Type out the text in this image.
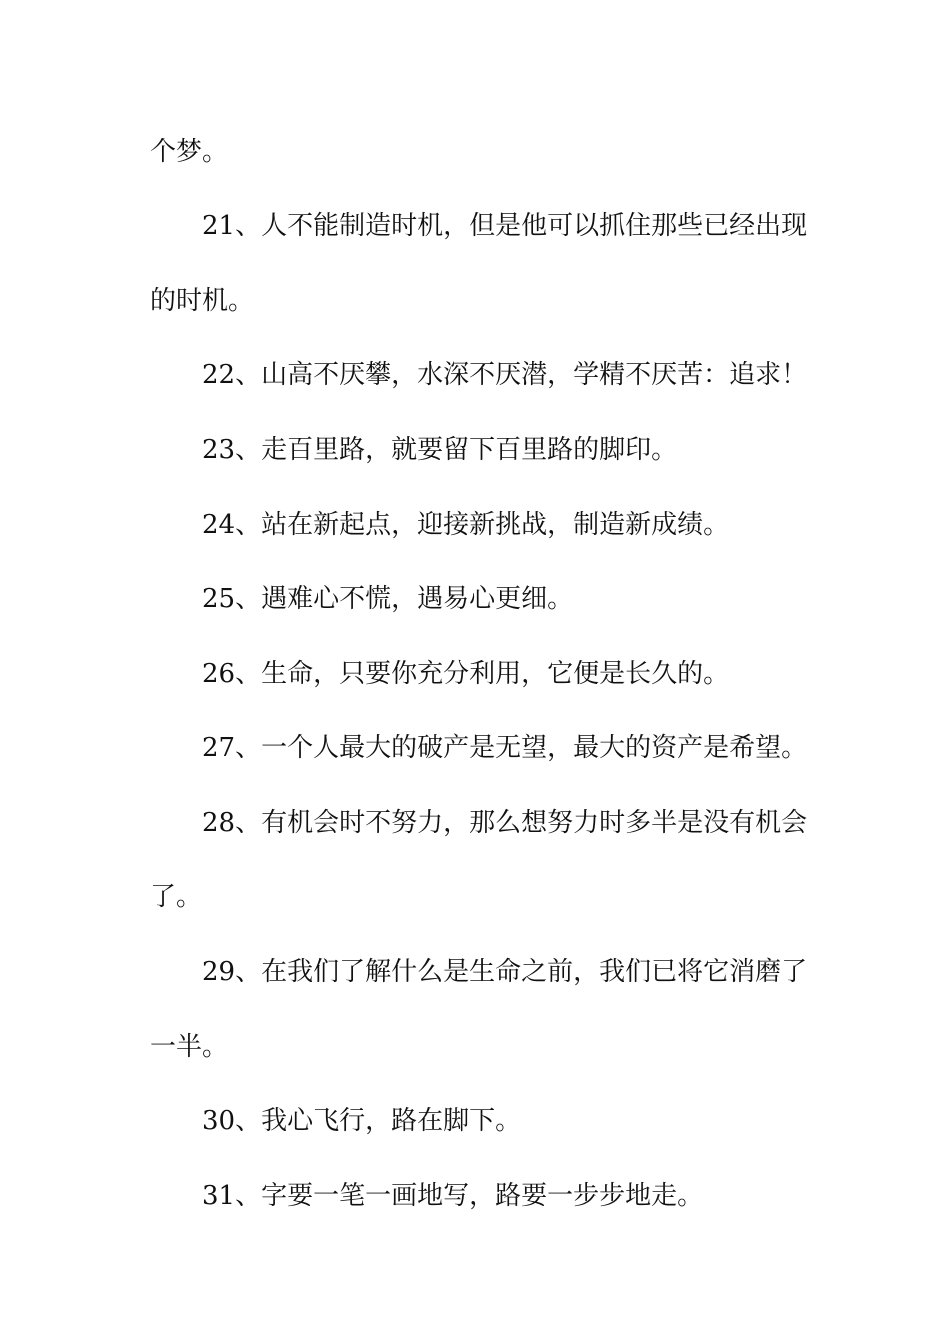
个梦。

21、人不能制造时机，但是他可以抓住那些已经出现

的时机。

22、山高不厌攀，水深不厌潜，学精不厌苦：追求！

23、走百里路，就要留下百里路的脚印。

24、站在新起点，迎接新挑战，制造新成绩。

25、遇难心不慌，遇易心更细。

26、生命，只要你充分利用，它便是长久的。

27、一个人最大的破产是无望，最大的资产是希望。

28、有机会时不努力，那么想努力时多半是没有机会

了。

29、在我们了解什么是生命之前，我们已将它消磨了

一半。

30、我心飞行，路在脚下。

31、字要一笔一画地写，路要一步步地走。
